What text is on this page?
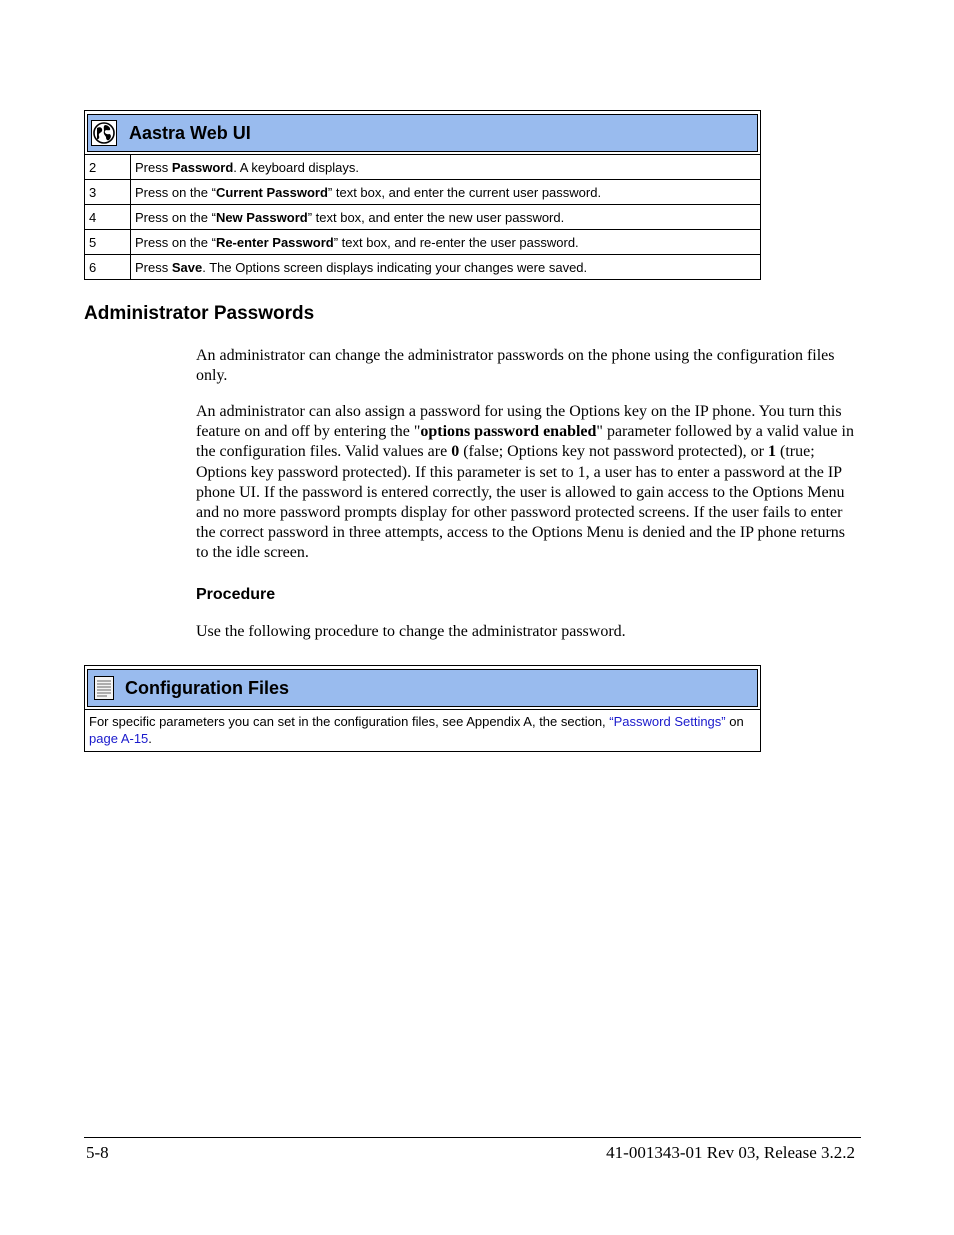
Aastra Web UI
2	Press Password. A keyboard displays.
3	Press on the “Current Password” text box, and enter the current user password.
4	Press on the “New Password” text box, and enter the new user password.
5	Press on the “Re-enter Password” text box, and re-enter the user password.
6	Press Save. The Options screen displays indicating your changes were saved.
Administrator Passwords

An administrator can change the administrator passwords on the phone using the configuration files only.

An administrator can also assign a password for using the Options key on the IP phone. You turn this feature on and off by entering the "options password enabled" parameter followed by a valid value in the configuration files. Valid values are 0 (false; Options key not password protected), or 1 (true; Options key password protected). If this parameter is set to 1, a user has to enter a password at the IP phone UI. If the password is entered correctly, the user is allowed to gain access to the Options Menu and no more password prompts display for other password protected screens. If the user fails to enter the correct password in three attempts, access to the Options Menu is denied and the IP phone returns to the idle screen.

Procedure

Use the following procedure to change the administrator password.

Configuration Files
For specific parameters you can set in the configuration files, see Appendix A, the section, “Password Settings” on page A-15.
5-8	41-001343-01 Rev 03, Release 3.2.2
